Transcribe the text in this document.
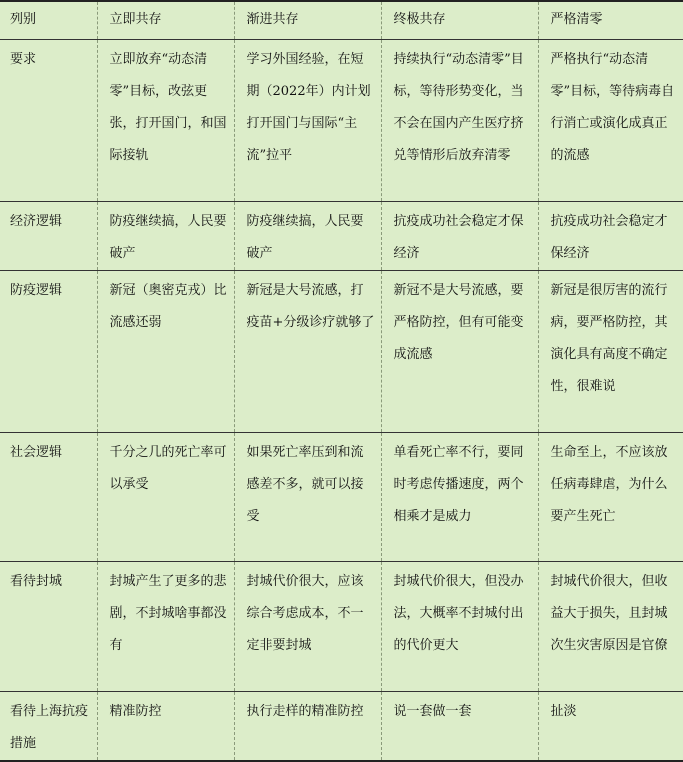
列别	立即共存	渐进共存	终极共存	严格清零
要求	立即放弃“动态清零”目标，改弦更张，打开国门，和国际接轨	学习外国经验，在短期（2022年）内计划打开国门与国际“主流”拉平	持续执行“动态清零”目标，等待形势变化，当不会在国内产生医疗挤兑等情形后放弃清零	严格执行“动态清零”目标，等待病毒自行消亡或演化成真正的流感
经济逻辑	防疫继续搞，人民要破产	防疫继续搞，人民要破产	抗疫成功社会稳定才保经济	抗疫成功社会稳定才保经济
防疫逻辑	新冠（奥密克戎）比流感还弱	新冠是大号流感，打疫苗+分级诊疗就够了	新冠不是大号流感，要严格防控，但有可能变成流感	新冠是很厉害的流行病，要严格防控，其演化具有高度不确定性，很难说
社会逻辑	千分之几的死亡率可以承受	如果死亡率压到和流感差不多，就可以接受	单看死亡率不行，要同时考虑传播速度，两个相乘才是威力	生命至上，不应该放任病毒肆虐，为什么要产生死亡
看待封城	封城产生了更多的悲剧，不封城啥事都没有	封城代价很大，应该综合考虑成本，不一定非要封城	封城代价很大，但没办法，大概率不封城付出的代价更大	封城代价很大，但收益大于损失，且封城次生灾害原因是官僚
看待上海抗疫措施	精准防控	执行走样的精准防控	说一套做一套	扯淡
